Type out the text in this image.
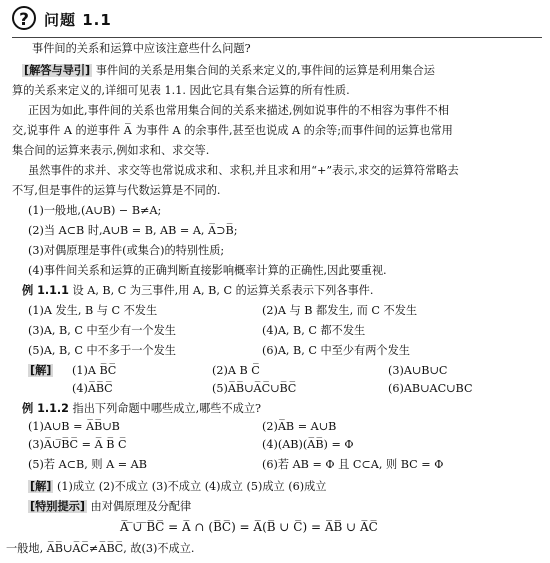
?	问题 1.1
事件间的关系和运算中应该注意些什么问题?
[解答与导引] 事件间的关系是用集合间的关系来定义的,事件间的运算是利用集合运
算的关系来定义的,详细可见表 1.1. 因此它具有集合运算的所有性质.
正因为如此,事件间的关系也常用集合间的关系来描述,例如说事件的不相容为事件不相
交,说事件 A 的逆事件 A̅ 为事件 A 的余事件,甚至也说成 A 的余等;而事件间的运算也常用
集合间的运算来表示,例如求和、求交等.
虽然事件的求并、求交等也常说成求和、求积,并且求和用“+”表示,求交的运算符常略去
不写,但是事件的运算与代数运算是不同的.
(1)一般地,(A∪B) − B≠A;
(2)当 A⊂B 时,A∪B = B, AB = A, A̅⊃B̅;
(3)对偶原理是事件(或集合)的特别性质;
(4)事件间关系和运算的正确判断直接影响概率计算的正确性,因此要重视.
例 1.1.1 设 A, B, C 为三事件,用 A, B, C 的运算关系表示下列各事件.
(1)A 发生, B 与 C 不发生	(2)A 与 B 都发生, 而 C 不发生
(3)A, B, C 中至少有一个发生	(4)A, B, C 都不发生
(5)A, B, C 中不多于一个发生	(6)A, B, C 中至少有两个发生
[解] (1)A B̅C̅	(2)A B C̅	(3)A∪B∪C
(4)A̅B̅C̅	(5)A̅B̅∪A̅C̅∪B̅C̅	(6)AB∪AC∪BC
例 1.1.2 指出下列命题中哪些成立,哪些不成立?
(1)A∪B = A̅B̅∪B	(2)A̅B = A∪B
(3)A̅∪̅B̅C̅ = A̅ B̅ C̅	(4)(AB)(A̅B̅) = Φ
(5)若 A⊂B, 则 A = AB	(6)若 AB = Φ 且 C⊂A, 则 BC = Φ
[解] (1)成立 (2)不成立 (3)不成立 (4)成立 (5)成立 (6)成立
[特别提示] 由对偶原理及分配律
A̅ ̅∪̅ ̅B̅C̅ = A̅ ∩ (B̅C̅) = A̅(B̅ ∪ C̅) = A̅B̅ ∪ A̅C̅
一般地, A̅B̅∪A̅C̅≠A̅B̅C̅, 故(3)不成立.
